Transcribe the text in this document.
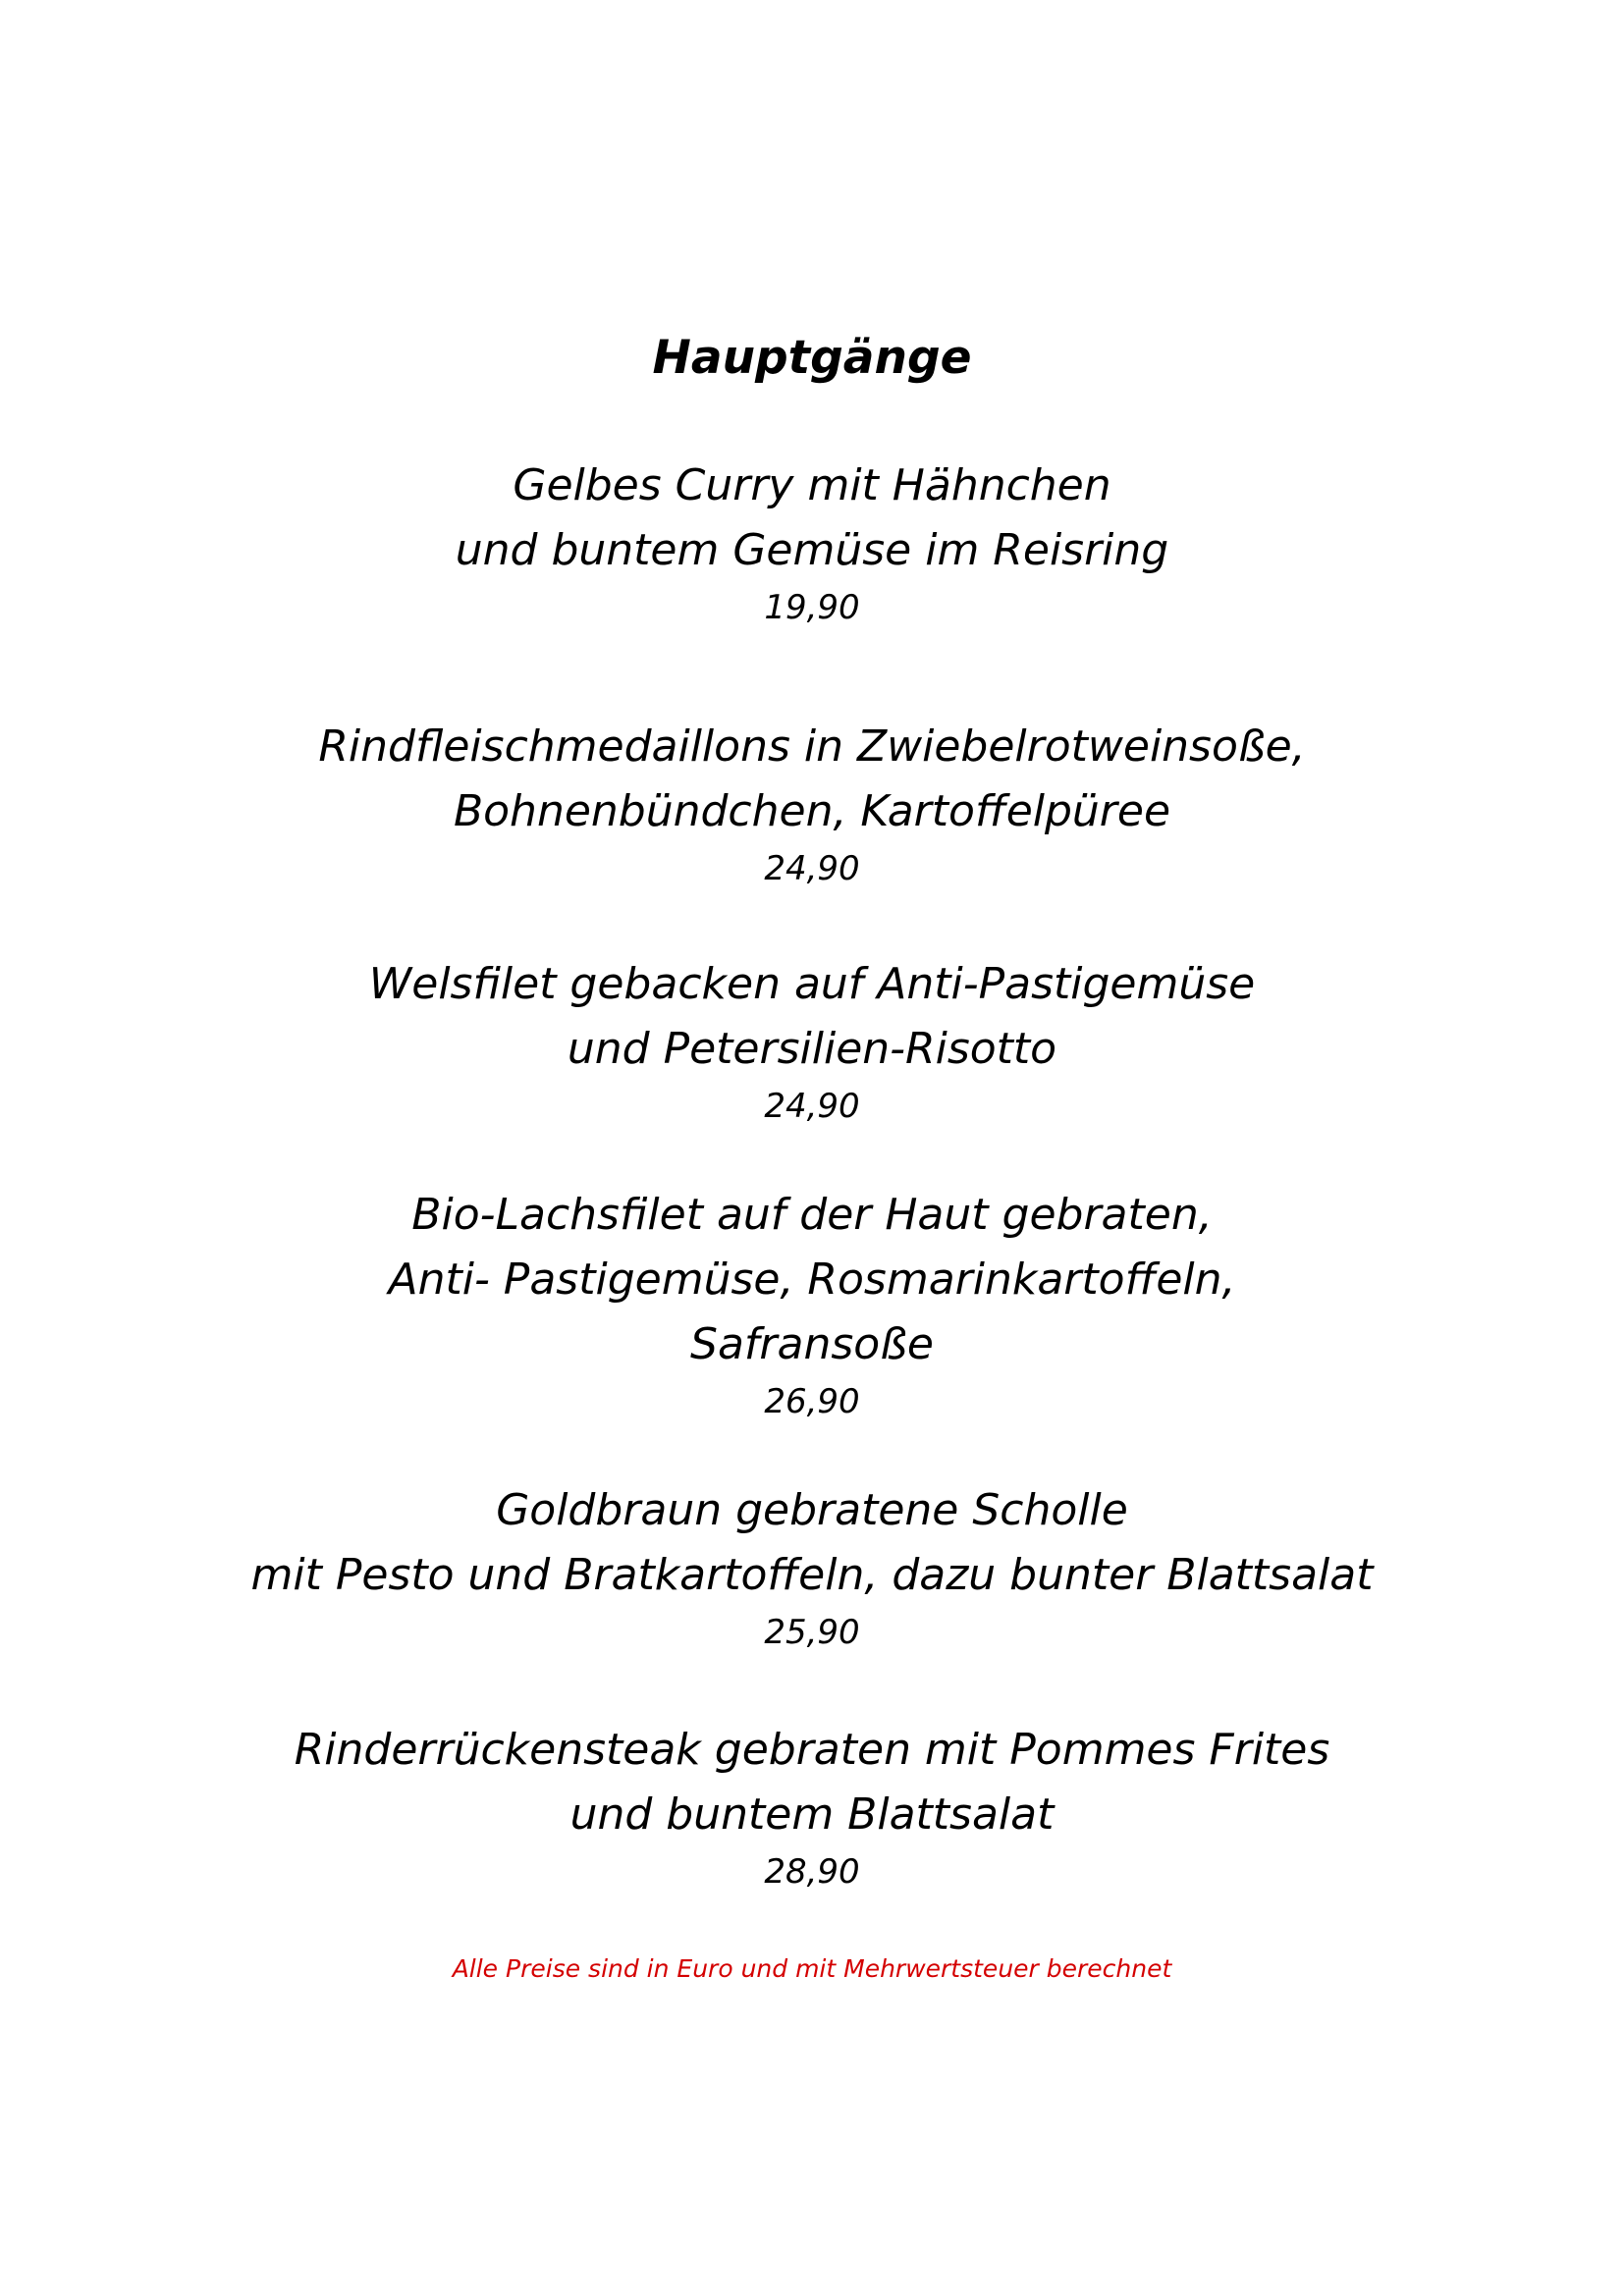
Hauptgänge
Gelbes Curry mit Hähnchen
und buntem Gemüse im Reisring
19,90
Rindfleischmedaillons in Zwiebelrotweinsoße,
Bohnenbündchen, Kartoffelpüree
24,90
Welsfilet gebacken auf Anti-Pastigemüse
und Petersilien-Risotto
24,90
Bio-Lachsfilet auf der Haut gebraten,
Anti- Pastigemüse, Rosmarinkartoffeln,
Safransoße
26,90
Goldbraun gebratene Scholle
mit Pesto und Bratkartoffeln, dazu bunter Blattsalat
25,90
Rinderrückensteak gebraten mit Pommes Frites
und buntem Blattsalat
28,90
Alle Preise sind in Euro und mit Mehrwertsteuer berechnet
